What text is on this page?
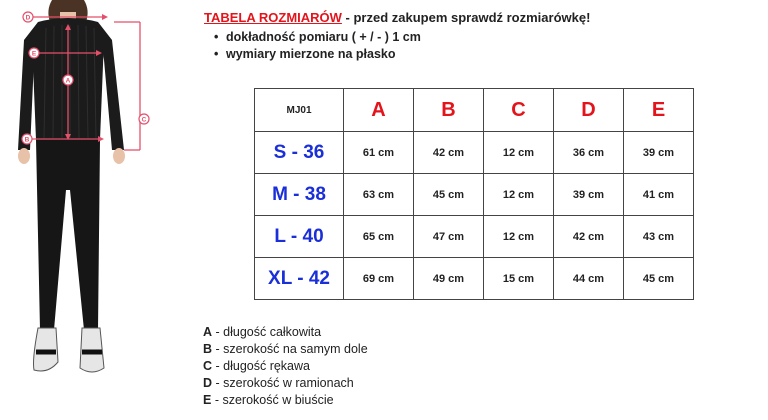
D
E
A
B
C
TABELA ROZMIARÓW - przed zakupem sprawdź rozmiarówkę!
• dokładność pomiaru ( + / - ) 1 cm
• wymiary mierzone na płasko
MJ01	A	B	C	D	E
S - 36	61 cm	42 cm	12 cm	36 cm	39 cm
M - 38	63 cm	45 cm	12 cm	39 cm	41 cm
L - 40	65 cm	47 cm	12 cm	42 cm	43 cm
XL - 42	69 cm	49 cm	15 cm	44 cm	45 cm
A - długość całkowita
B - szerokość na samym dole
C - długość rękawa
D - szerokość w ramionach
E - szerokość w biuście
